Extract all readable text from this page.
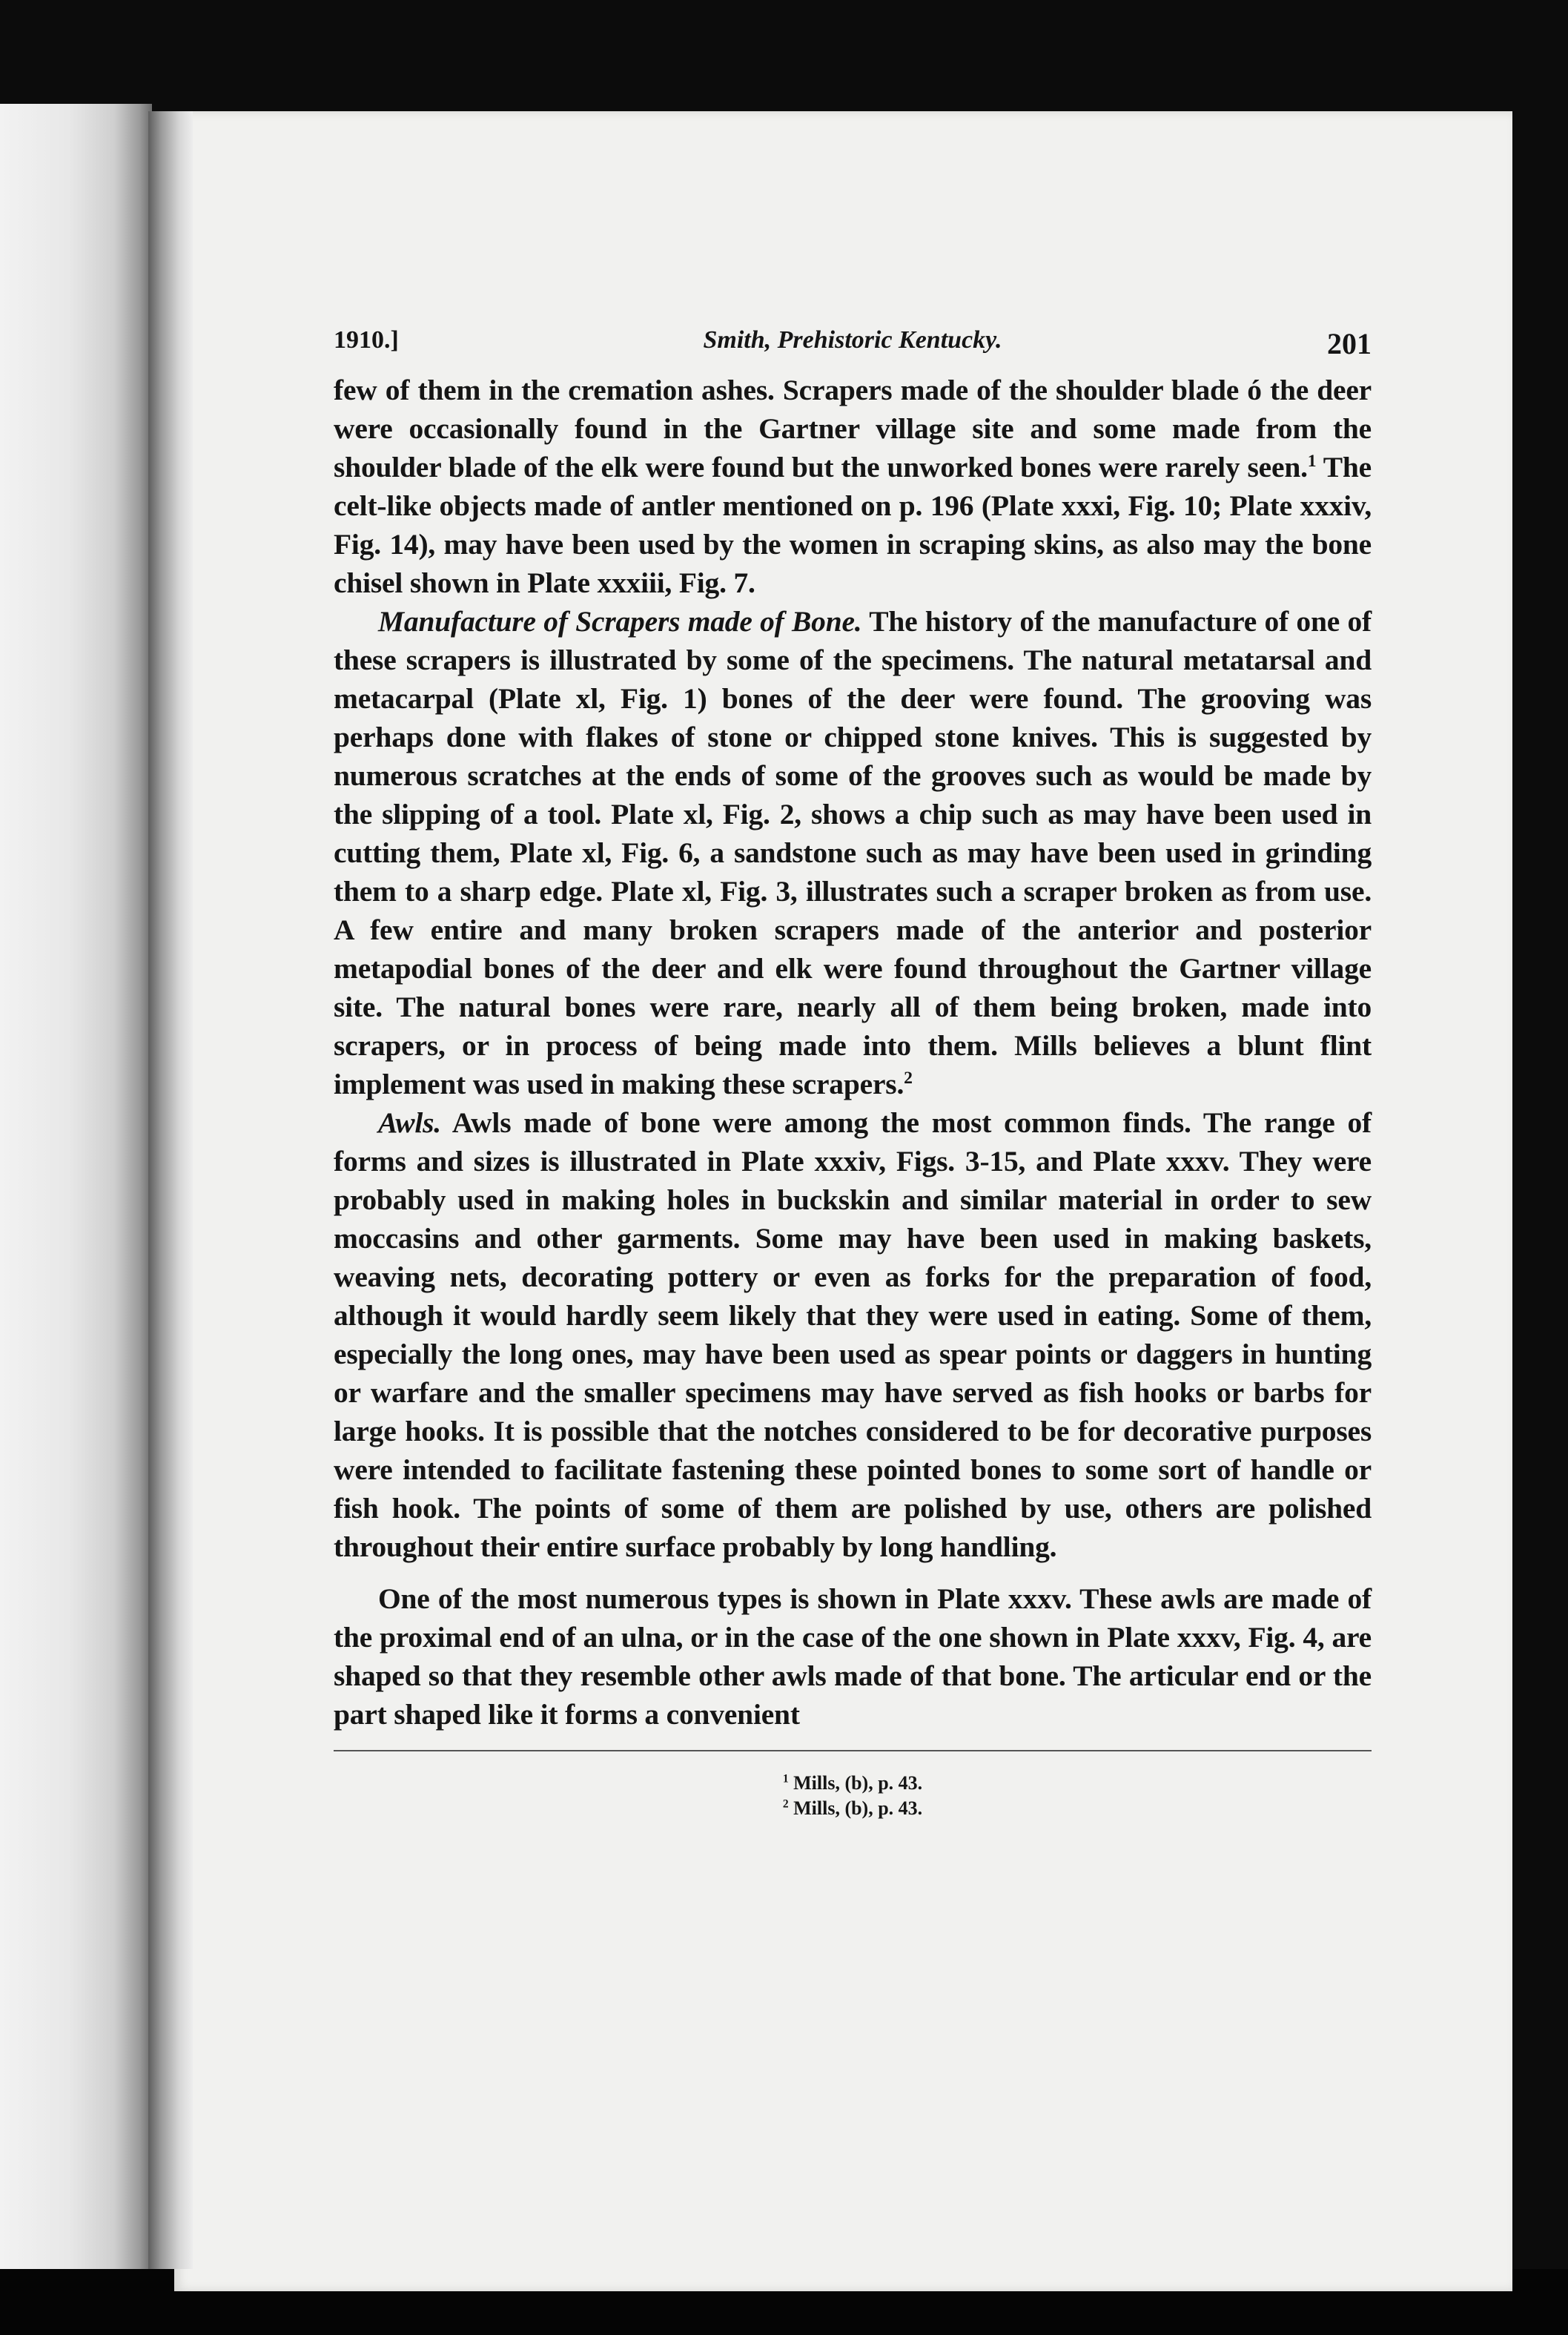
1910.]	Smith, Prehistoric Kentucky.	201

few of them in the cremation ashes. Scrapers made of the shoulder blade ó the deer were occasionally found in the Gartner village site and some made from the shoulder blade of the elk were found but the unworked bones were rarely seen.$^1$ The celt-like objects made of antler mentioned on p. 196 (Plate xxxi, Fig. 10; Plate xxxiv, Fig. 14), may have been used by the women in scraping skins, as also may the bone chisel shown in Plate xxxiii, Fig. 7.

Manufacture of Scrapers made of Bone. The history of the manufacture of one of these scrapers is illustrated by some of the specimens. The natural metatarsal and metacarpal (Plate xl, Fig. 1) bones of the deer were found. The grooving was perhaps done with flakes of stone or chipped stone knives. This is suggested by numerous scratches at the ends of some of the grooves such as would be made by the slipping of a tool. Plate xl, Fig. 2, shows a chip such as may have been used in cutting them, Plate xl, Fig. 6, a sandstone such as may have been used in grinding them to a sharp edge. Plate xl, Fig. 3, illustrates such a scraper broken as from use. A few entire and many broken scrapers made of the anterior and posterior metapodial bones of the deer and elk were found throughout the Gartner village site. The natural bones were rare, nearly all of them being broken, made into scrapers, or in process of being made into them. Mills believes a blunt flint implement was used in making these scrapers.$^2$

Awls. Awls made of bone were among the most common finds. The range of forms and sizes is illustrated in Plate xxxiv, Figs. 3-15, and Plate xxxv. They were probably used in making holes in buckskin and similar material in order to sew moccasins and other garments. Some may have been used in making baskets, weaving nets, decorating pottery or even as forks for the preparation of food, although it would hardly seem likely that they were used in eating. Some of them, especially the long ones, may have been used as spear points or daggers in hunting or warfare and the smaller specimens may have served as fish hooks or barbs for large hooks. It is possible that the notches considered to be for decorative purposes were intended to facilitate fastening these pointed bones to some sort of handle or fish hook. The points of some of them are polished by use, others are polished throughout their entire surface probably by long handling.

One of the most numerous types is shown in Plate xxxv. These awls are made of the proximal end of an ulna, or in the case of the one shown in Plate xxxv, Fig. 4, are shaped so that they resemble other awls made of that bone. The articular end or the part shaped like it forms a convenient

$^1$ Mills, (b), p. 43.
$^2$ Mills, (b), p. 43.
